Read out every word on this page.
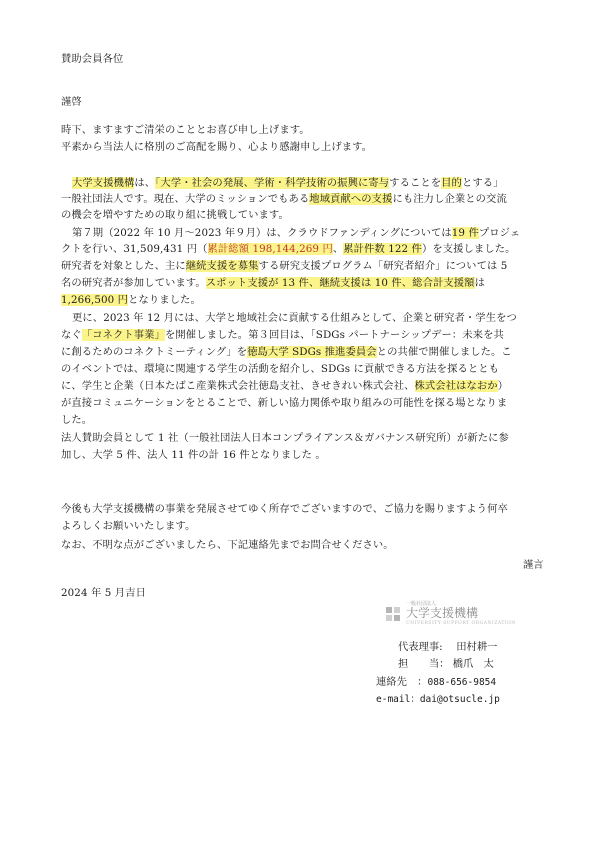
賛助会員各位
謹啓
時下、ますますご清栄のこととお喜び申し上げます。
平素から当法人に格別のご高配を賜り、心より感謝申し上げます。
大学支援機構は、「大学・社会の発展、学術・科学技術の振興に寄与することを目的とする」
一般社団法人です。現在、大学のミッションでもある地域貢献への支援にも注力し企業との交流
の機会を増やすための取り組に挑戦しています。
第７期（2022 年 10 月～2023 年９月）は、クラウドファンディングについては19 件プロジェ
クトを行い、31,509,431 円（累計総額 198,144,269 円、累計件数 122 件）を支援しました。
研究者を対象とした、主に継続支援を募集する研究支援プログラム「研究者紹介」については 5
名の研究者が参加しています。スポット支援が 13 件、継続支援は 10 件、総合計支援額は
1,266,500 円となりました。
更に、2023 年 12 月には、大学と地域社会に貢献する仕組みとして、企業と研究者・学生をつ
なぐ「コネクト事業」を開催しました。第３回目は、「SDGs パートナーシップデー：未来を共
に創るためのコネクトミーティング」を徳島大学 SDGs 推進委員会との共催で開催しました。こ
のイベントでは、環境に関連する学生の活動を紹介し、SDGs に貢献できる方法を探るととも
に、学生と企業（日本たばこ産業株式会社徳島支社、きせきれい株式会社、株式会社はなおか）
が直接コミュニケーションをとることで、新しい協力関係や取り組みの可能性を探る場となりま
した。
法人賛助会員として 1 社（一般社団法人日本コンプライアンス＆ガバナンス研究所）が新たに参
加し、大学 5 件、法人 11 件の計 16 件となりました 。
今後も大学支援機構の事業を発展させてゆく所存でございますので、ご協力を賜りますよう何卒
よろしくお願いいたします。
なお、不明な点がございましたら、下記連絡先までお問合せください。
謹言
2024 年 5 月吉日
一般社団法人
大学支援機構
UNIVERSITY SUPPORT ORGANIZATION
代表理事:　 田村耕一
担　　当： 橋爪　太
連絡先　：088-656-9854
e-mail：dai@otsucle.jp
